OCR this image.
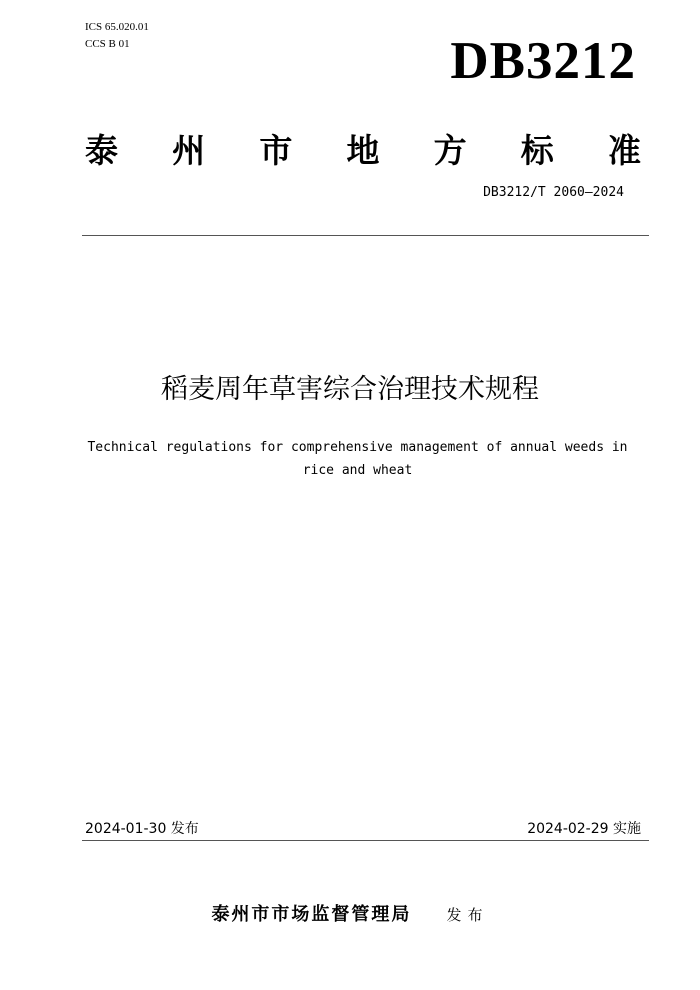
ICS 65.020.01
CCS B 01	DB3212
泰 州 市 地 方 标 准
DB3212/T 2060—2024
稻麦周年草害综合治理技术规程
Technical regulations for comprehensive management of annual weeds in rice and wheat
2024-01-30 发布	2024-02-29 实施
泰州市市场监督管理局 发布
